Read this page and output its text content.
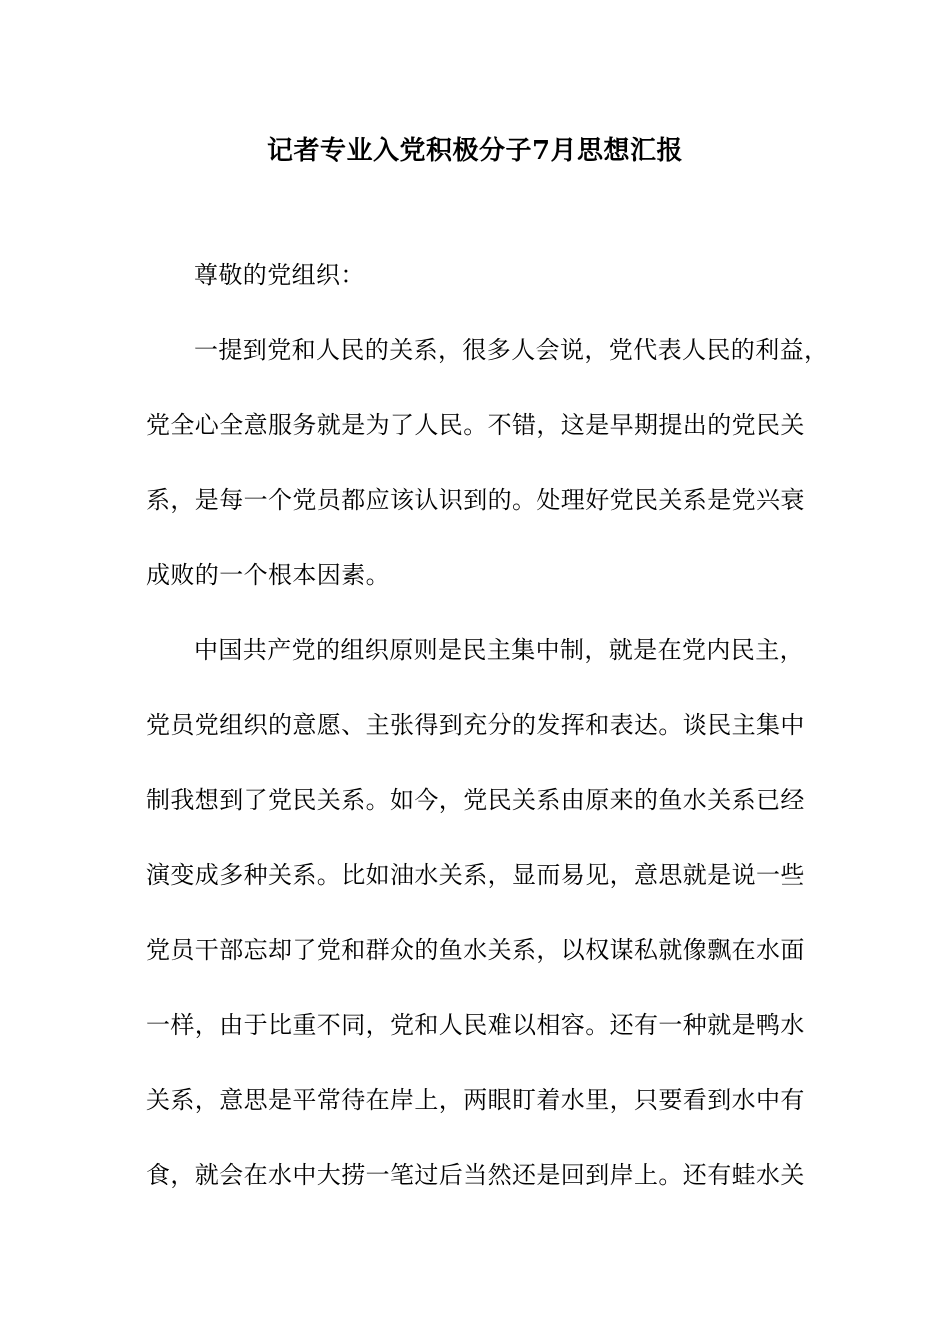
记者专业入党积极分子7月思想汇报

尊敬的党组织：

一提到党和人民的关系，很多人会说，党代表人民的利益，

党全心全意服务就是为了人民。不错，这是早期提出的党民关

系，是每一个党员都应该认识到的。处理好党民关系是党兴衰

成败的一个根本因素。

中国共产党的组织原则是民主集中制，就是在党内民主，

党员党组织的意愿、主张得到充分的发挥和表达。谈民主集中

制我想到了党民关系。如今，党民关系由原来的鱼水关系已经

演变成多种关系。比如油水关系，显而易见，意思就是说一些

党员干部忘却了党和群众的鱼水关系，以权谋私就像飘在水面

一样，由于比重不同，党和人民难以相容。还有一种就是鸭水

关系，意思是平常待在岸上，两眼盯着水里，只要看到水中有

食，就会在水中大捞一笔过后当然还是回到岸上。还有蛙水关
